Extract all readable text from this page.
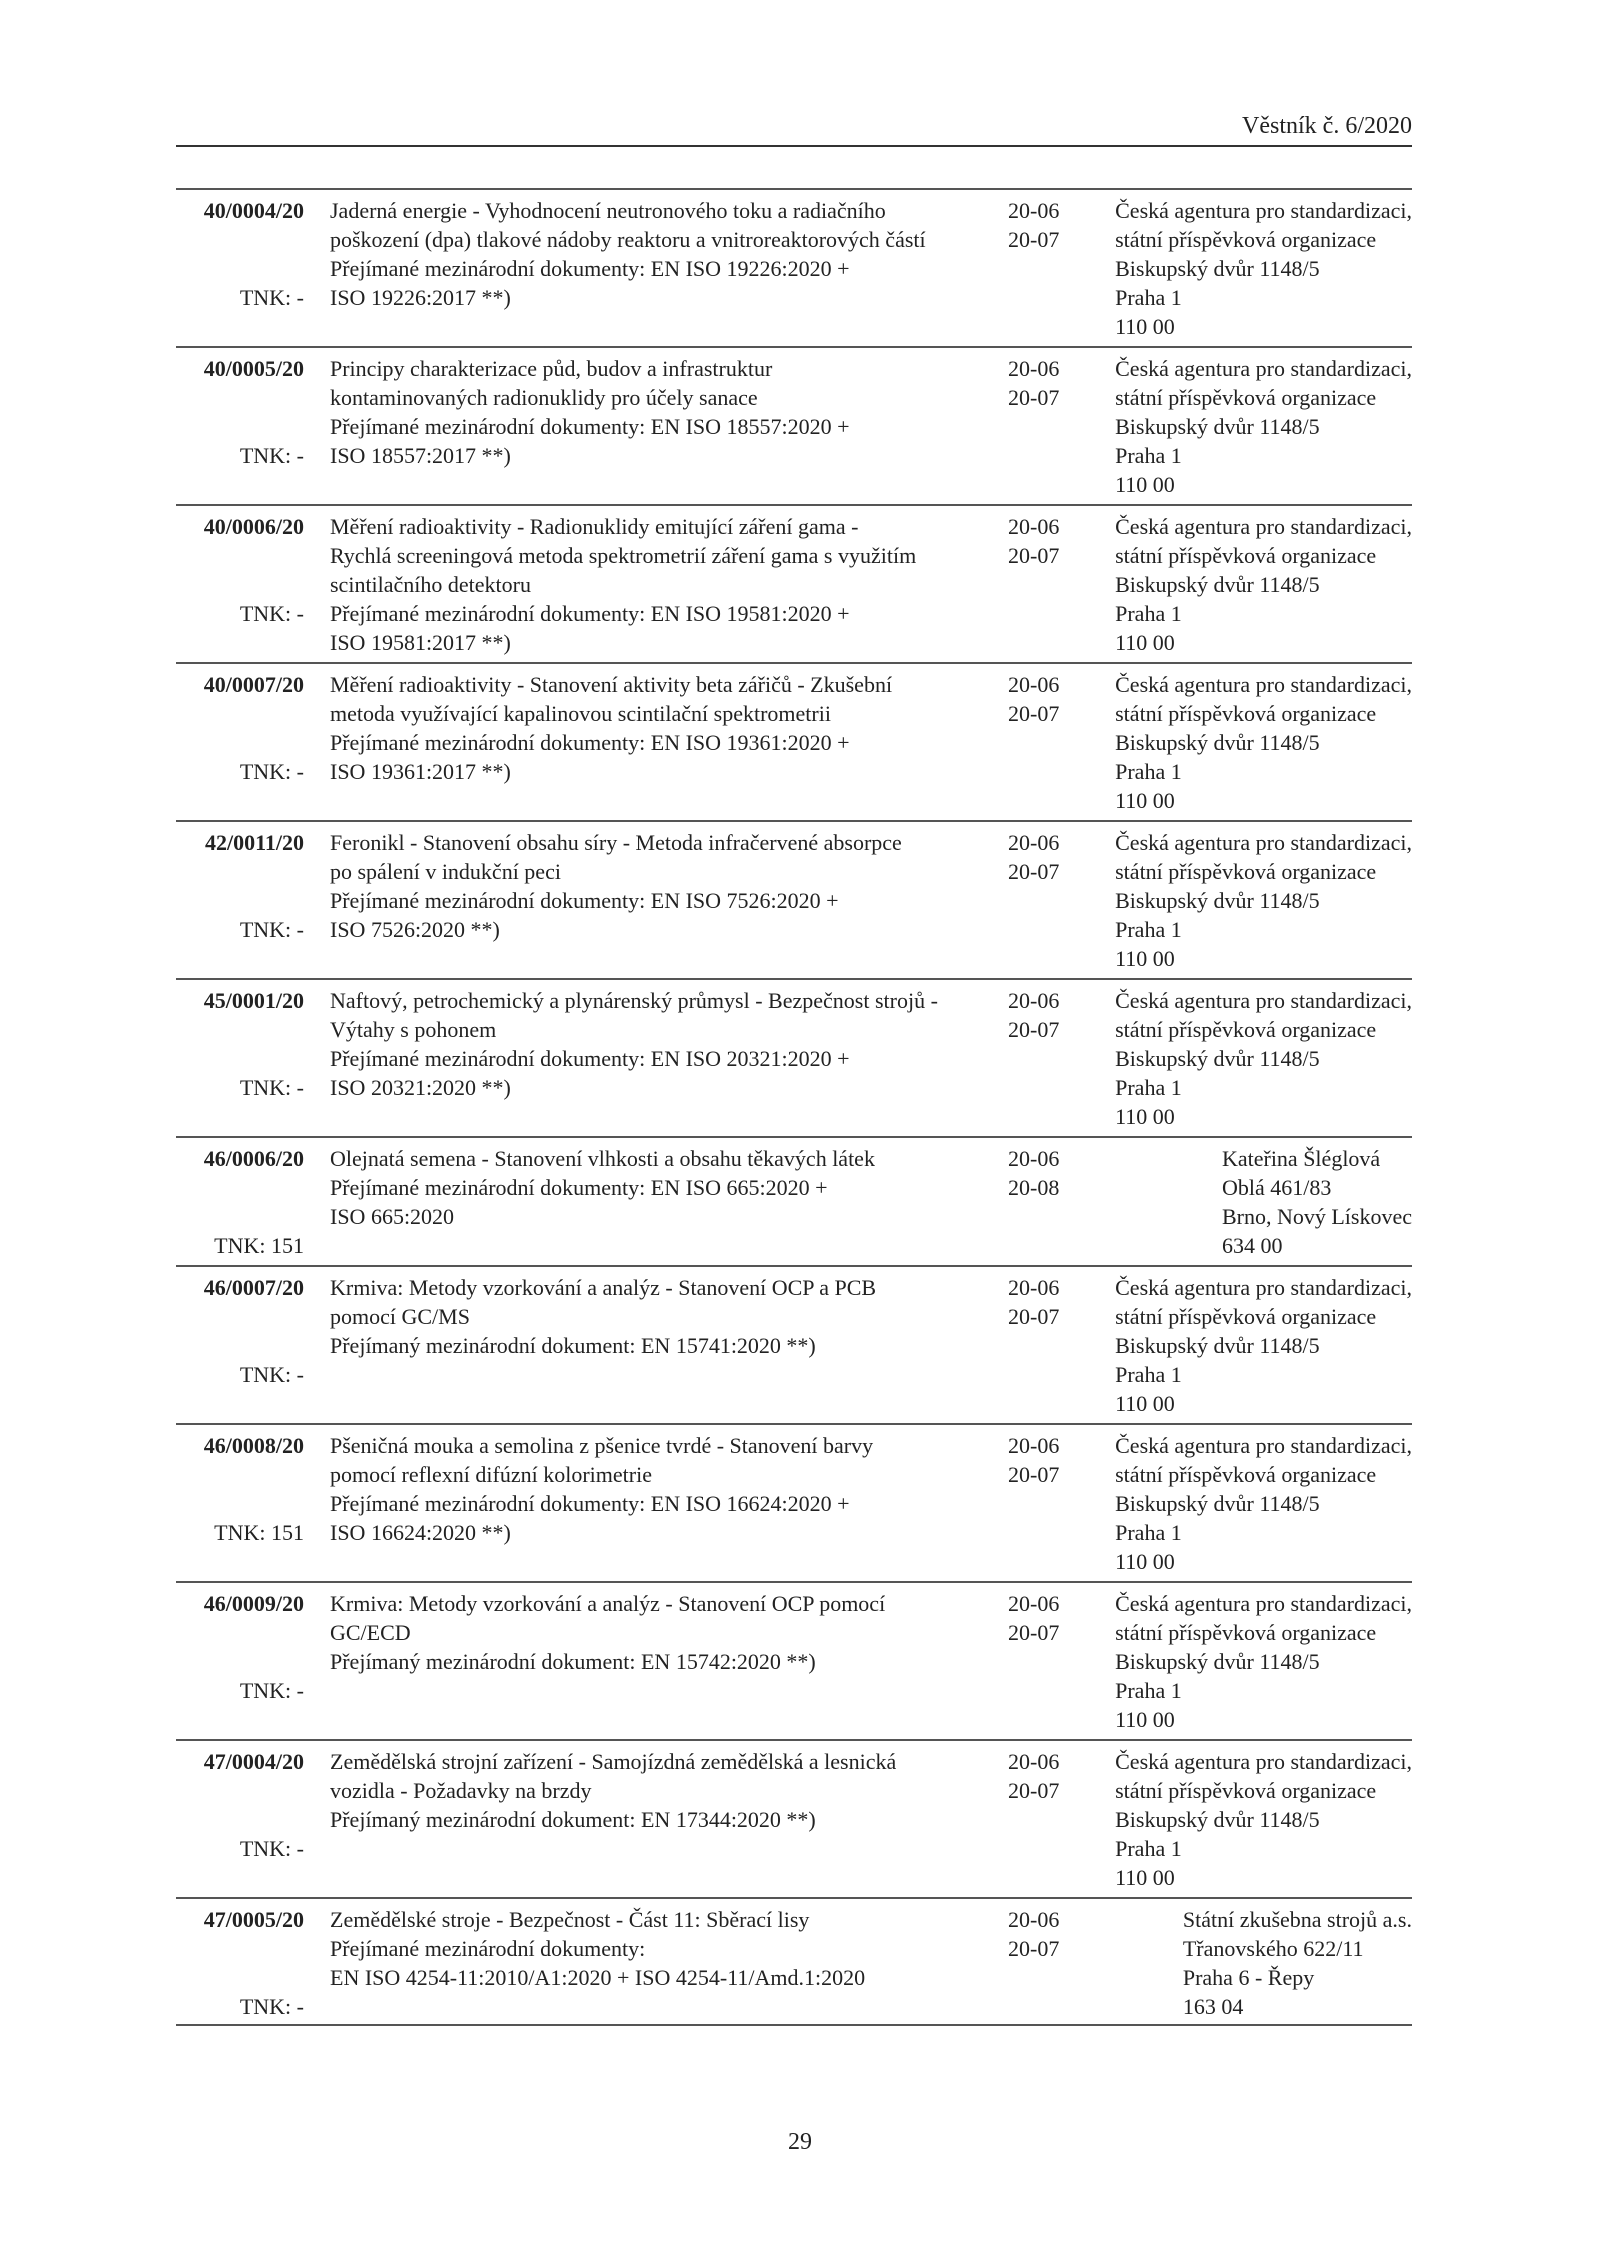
Věstník č. 6/2020
40/0004/20
TNK: -
Jaderná energie - Vyhodnocení neutronového toku a radiačního
poškození (dpa) tlakové nádoby reaktoru a vnitroreaktorových částí
Přejímané mezinárodní dokumenty: EN ISO 19226:2020 +
ISO 19226:2017 **)
20-06
20-07
Česká agentura pro standardizaci,
státní příspěvková organizace
Biskupský dvůr 1148/5
Praha 1
110 00
40/0005/20
TNK: -
Principy charakterizace půd, budov a infrastruktur
kontaminovaných radionuklidy pro účely sanace
Přejímané mezinárodní dokumenty: EN ISO 18557:2020 +
ISO 18557:2017 **)
20-06
20-07
Česká agentura pro standardizaci,
státní příspěvková organizace
Biskupský dvůr 1148/5
Praha 1
110 00
40/0006/20
TNK: -
Měření radioaktivity - Radionuklidy emitující záření gama -
Rychlá screeningová metoda spektrometrií záření gama s využitím
scintilačního detektoru
Přejímané mezinárodní dokumenty: EN ISO 19581:2020 +
ISO 19581:2017 **)
20-06
20-07
Česká agentura pro standardizaci,
státní příspěvková organizace
Biskupský dvůr 1148/5
Praha 1
110 00
40/0007/20
TNK: -
Měření radioaktivity - Stanovení aktivity beta zářičů - Zkušební
metoda využívající kapalinovou scintilační spektrometrii
Přejímané mezinárodní dokumenty: EN ISO 19361:2020 +
ISO 19361:2017 **)
20-06
20-07
Česká agentura pro standardizaci,
státní příspěvková organizace
Biskupský dvůr 1148/5
Praha 1
110 00
42/0011/20
TNK: -
Feronikl - Stanovení obsahu síry - Metoda infračervené absorpce
po spálení v indukční peci
Přejímané mezinárodní dokumenty: EN ISO 7526:2020 +
ISO 7526:2020 **)
20-06
20-07
Česká agentura pro standardizaci,
státní příspěvková organizace
Biskupský dvůr 1148/5
Praha 1
110 00
45/0001/20
TNK: -
Naftový, petrochemický a plynárenský průmysl - Bezpečnost strojů -
Výtahy s pohonem
Přejímané mezinárodní dokumenty: EN ISO 20321:2020 +
ISO 20321:2020 **)
20-06
20-07
Česká agentura pro standardizaci,
státní příspěvková organizace
Biskupský dvůr 1148/5
Praha 1
110 00
46/0006/20
TNK: 151
Olejnatá semena - Stanovení vlhkosti a obsahu těkavých látek
Přejímané mezinárodní dokumenty: EN ISO 665:2020 +
ISO 665:2020
20-06
20-08
Kateřina Šléglová
Oblá 461/83
Brno, Nový Lískovec
634 00
46/0007/20
TNK: -
Krmiva: Metody vzorkování a analýz - Stanovení OCP a PCB
pomocí GC/MS
Přejímaný mezinárodní dokument: EN 15741:2020 **)
20-06
20-07
Česká agentura pro standardizaci,
státní příspěvková organizace
Biskupský dvůr 1148/5
Praha 1
110 00
46/0008/20
TNK: 151
Pšeničná mouka a semolina z pšenice tvrdé - Stanovení barvy
pomocí reflexní difúzní kolorimetrie
Přejímané mezinárodní dokumenty: EN ISO 16624:2020 +
ISO 16624:2020 **)
20-06
20-07
Česká agentura pro standardizaci,
státní příspěvková organizace
Biskupský dvůr 1148/5
Praha 1
110 00
46/0009/20
TNK: -
Krmiva: Metody vzorkování a analýz - Stanovení OCP pomocí
GC/ECD
Přejímaný mezinárodní dokument: EN 15742:2020 **)
20-06
20-07
Česká agentura pro standardizaci,
státní příspěvková organizace
Biskupský dvůr 1148/5
Praha 1
110 00
47/0004/20
TNK: -
Zemědělská strojní zařízení - Samojízdná zemědělská a lesnická
vozidla - Požadavky na brzdy
Přejímaný mezinárodní dokument: EN 17344:2020 **)
20-06
20-07
Česká agentura pro standardizaci,
státní příspěvková organizace
Biskupský dvůr 1148/5
Praha 1
110 00
47/0005/20
TNK: -
Zemědělské stroje - Bezpečnost - Část 11: Sběrací lisy
Přejímané mezinárodní dokumenty:
EN ISO 4254-11:2010/A1:2020 + ISO 4254-11/Amd.1:2020
20-06
20-07
Státní zkušebna strojů a.s.
Třanovského 622/11
Praha 6 - Řepy
163 04
29
